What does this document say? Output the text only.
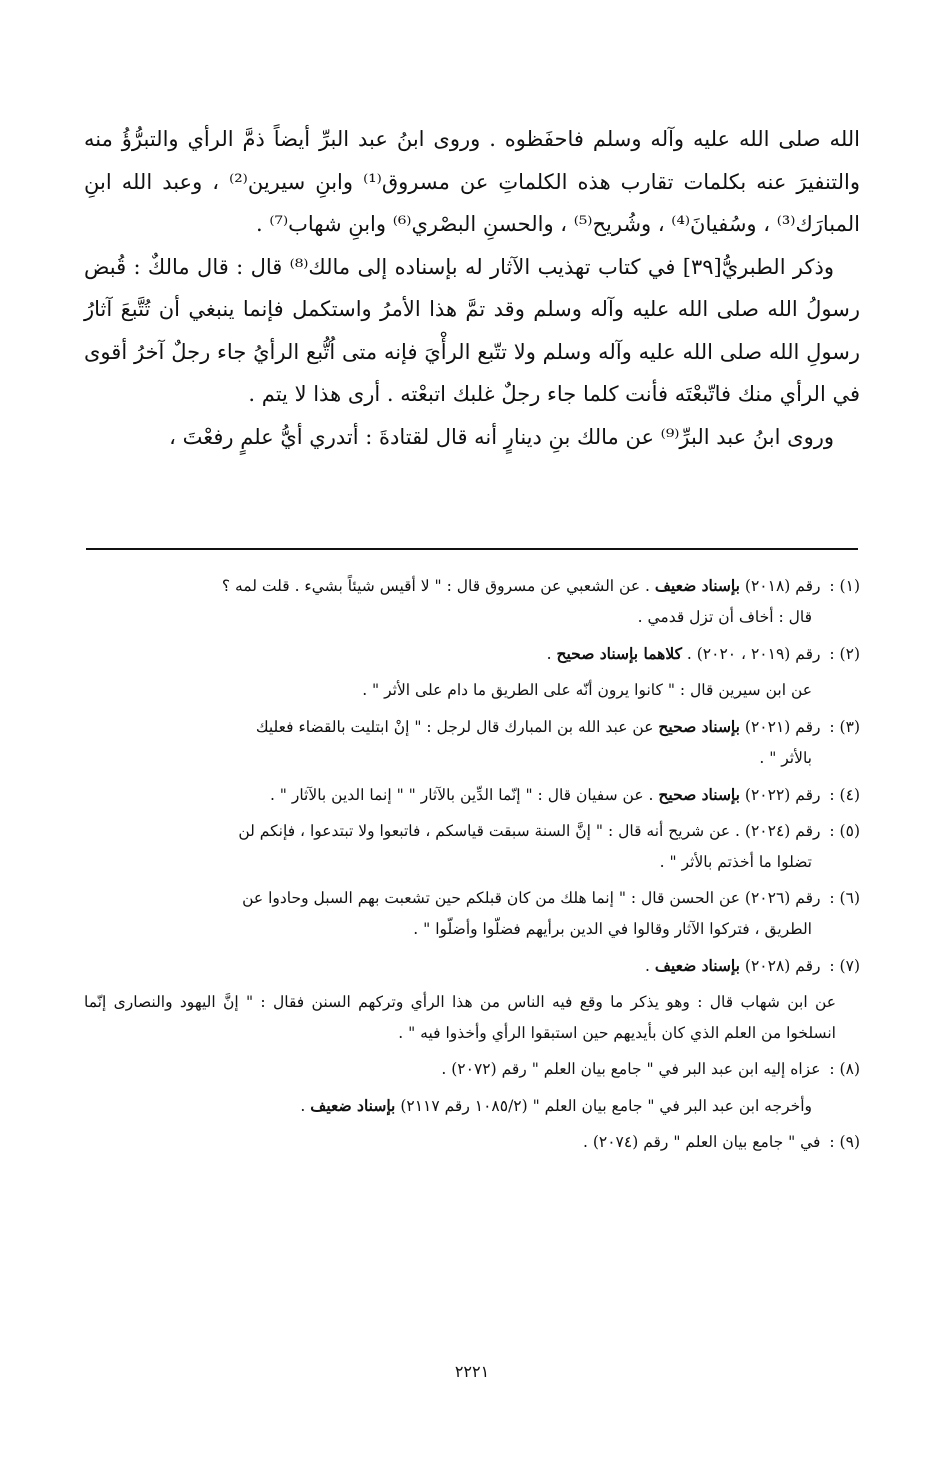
الله صلى الله عليه وآله وسلم فاحفَظوه . وروى ابنُ عبد البرِّ أيضاً ذمَّ الرأي والتبرُّؤُ منه والتنفيرَ عنه بكلمات تقارب هذه الكلماتِ عن مسروق⁽¹⁾ وابنِ سيرين⁽²⁾ ، وعبد الله ابنِ المبارَك⁽³⁾ ، وسُفيانَ⁽⁴⁾ ، وشُريح⁽⁵⁾ ، والحسنِ البصْري⁽⁶⁾ وابنِ شهاب⁽⁷⁾ .

وذكر الطبريُّ[٣٩] في كتاب تهذيب الآثار له بإسناده إلى مالك⁽⁸⁾ قال : قال مالكٌ : قُبض رسولُ الله صلى الله عليه وآله وسلم وقد تمَّ هذا الأمرُ واستكمل فإنما ينبغي أن تُتَّبعَ آثارُ رسولِ الله صلى الله عليه وآله وسلم ولا تتّبع الرأْيَ فإنه متى اُتُّبع الرأيُ جاء رجلٌ آخرُ أقوى في الرأي منك فاتّبعْتَه فأنت كلما جاء رجلٌ غلبك اتبعْته . أرى هذا لا يتم .

وروى ابنُ عبد البرِّ⁽⁹⁾ عن مالك بنِ دينارٍ أنه قال لقتادةَ : أتدري أيُّ علمٍ رفعْتَ ،

(١) : رقم (٢٠١٨) بإسناد ضعيف . عن الشعبي عن مسروق قال : " لا أقيس شيئاً بشيء . قلت لمه ؟
قال : أخاف أن تزل قدمي .
(٢) : رقم (٢٠١٩ ، ٢٠٢٠) . كلاهما بإسناد صحيح .
عن ابن سيرين قال : " كانوا يرون أنّه على الطريق ما دام على الأثر " .
(٣) : رقم (٢٠٢١) بإسناد صحيح عن عبد الله بن المبارك قال لرجل : " إنْ ابتليت بالقضاء فعليك
بالأثر " .
(٤) : رقم (٢٠٢٢) بإسناد صحيح . عن سفيان قال : " إنّما الدِّين بالآثار " " إنما الدين بالآثار " .
(٥) : رقم (٢٠٢٤) . عن شريح أنه قال : " إنَّ السنة سبقت قياسكم ، فاتبعوا ولا تبتدعوا ، فإنكم لن
تضلوا ما أخذتم بالأثر " .
(٦) : رقم (٢٠٢٦) عن الحسن قال : " إنما هلك من كان قبلكم حين تشعبت بهم السبل وحادوا عن
الطريق ، فتركوا الآثار وقالوا في الدين برأيهم فضلّوا وأضلّوا " .
(٧) : رقم (٢٠٢٨) بإسناد ضعيف .
عن ابن شهاب قال : وهو يذكر ما وقع فيه الناس من هذا الرأي وتركهم السنن فقال : " إنَّ اليهود والنصارى إنّما انسلخوا من العلم الذي كان بأيديهم حين استبقوا الرأي وأخذوا فيه " .
(٨) : عزاه إليه ابن عبد البر في " جامع بيان العلم " رقم (٢٠٧٢) .
وأخرجه ابن عبد البر في " جامع بيان العلم " (١٠٨٥/٢ رقم ٢١١٧) بإسناد ضعيف .
(٩) : في " جامع بيان العلم " رقم (٢٠٧٤) .
٢٢٢١
